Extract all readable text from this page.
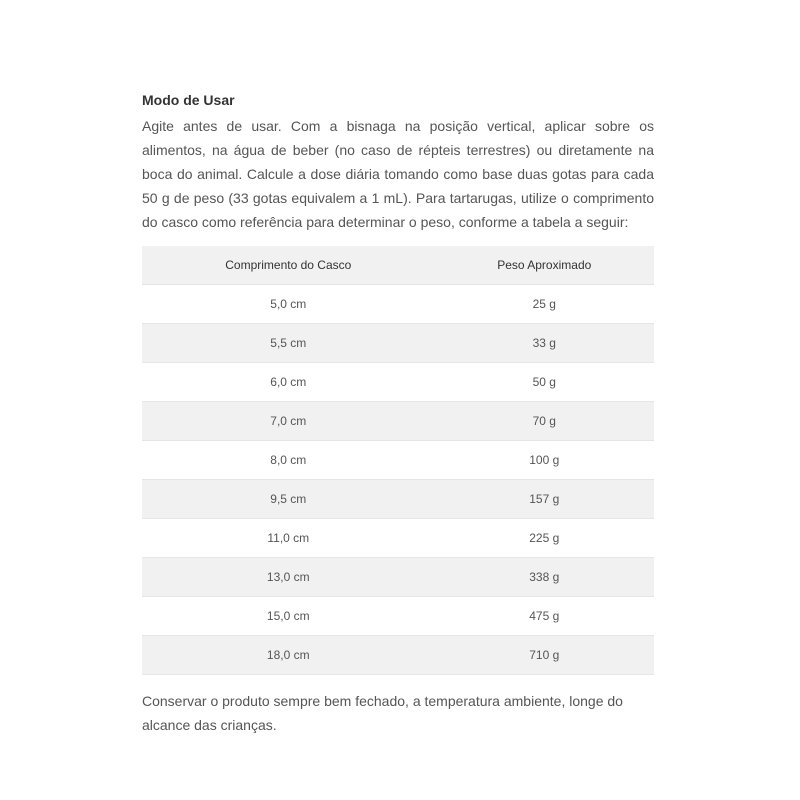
Modo de Usar

Agite antes de usar. Com a bisnaga na posição vertical, aplicar sobre os alimentos, na água de beber (no caso de répteis terrestres) ou diretamente na boca do animal. Calcule a dose diária tomando como base duas gotas para cada 50 g de peso (33 gotas equivalem a 1 mL). Para tartarugas, utilize o comprimento do casco como referência para determinar o peso, conforme a tabela a seguir:

Comprimento do Casco	Peso Aproximado
5,0 cm	25 g
5,5 cm	33 g
6,0 cm	50 g
7,0 cm	70 g
8,0 cm	100 g
9,5 cm	157 g
11,0 cm	225 g
13,0 cm	338 g
15,0 cm	475 g
18,0 cm	710 g

Conservar o produto sempre bem fechado, a temperatura ambiente, longe do alcance das crianças.
